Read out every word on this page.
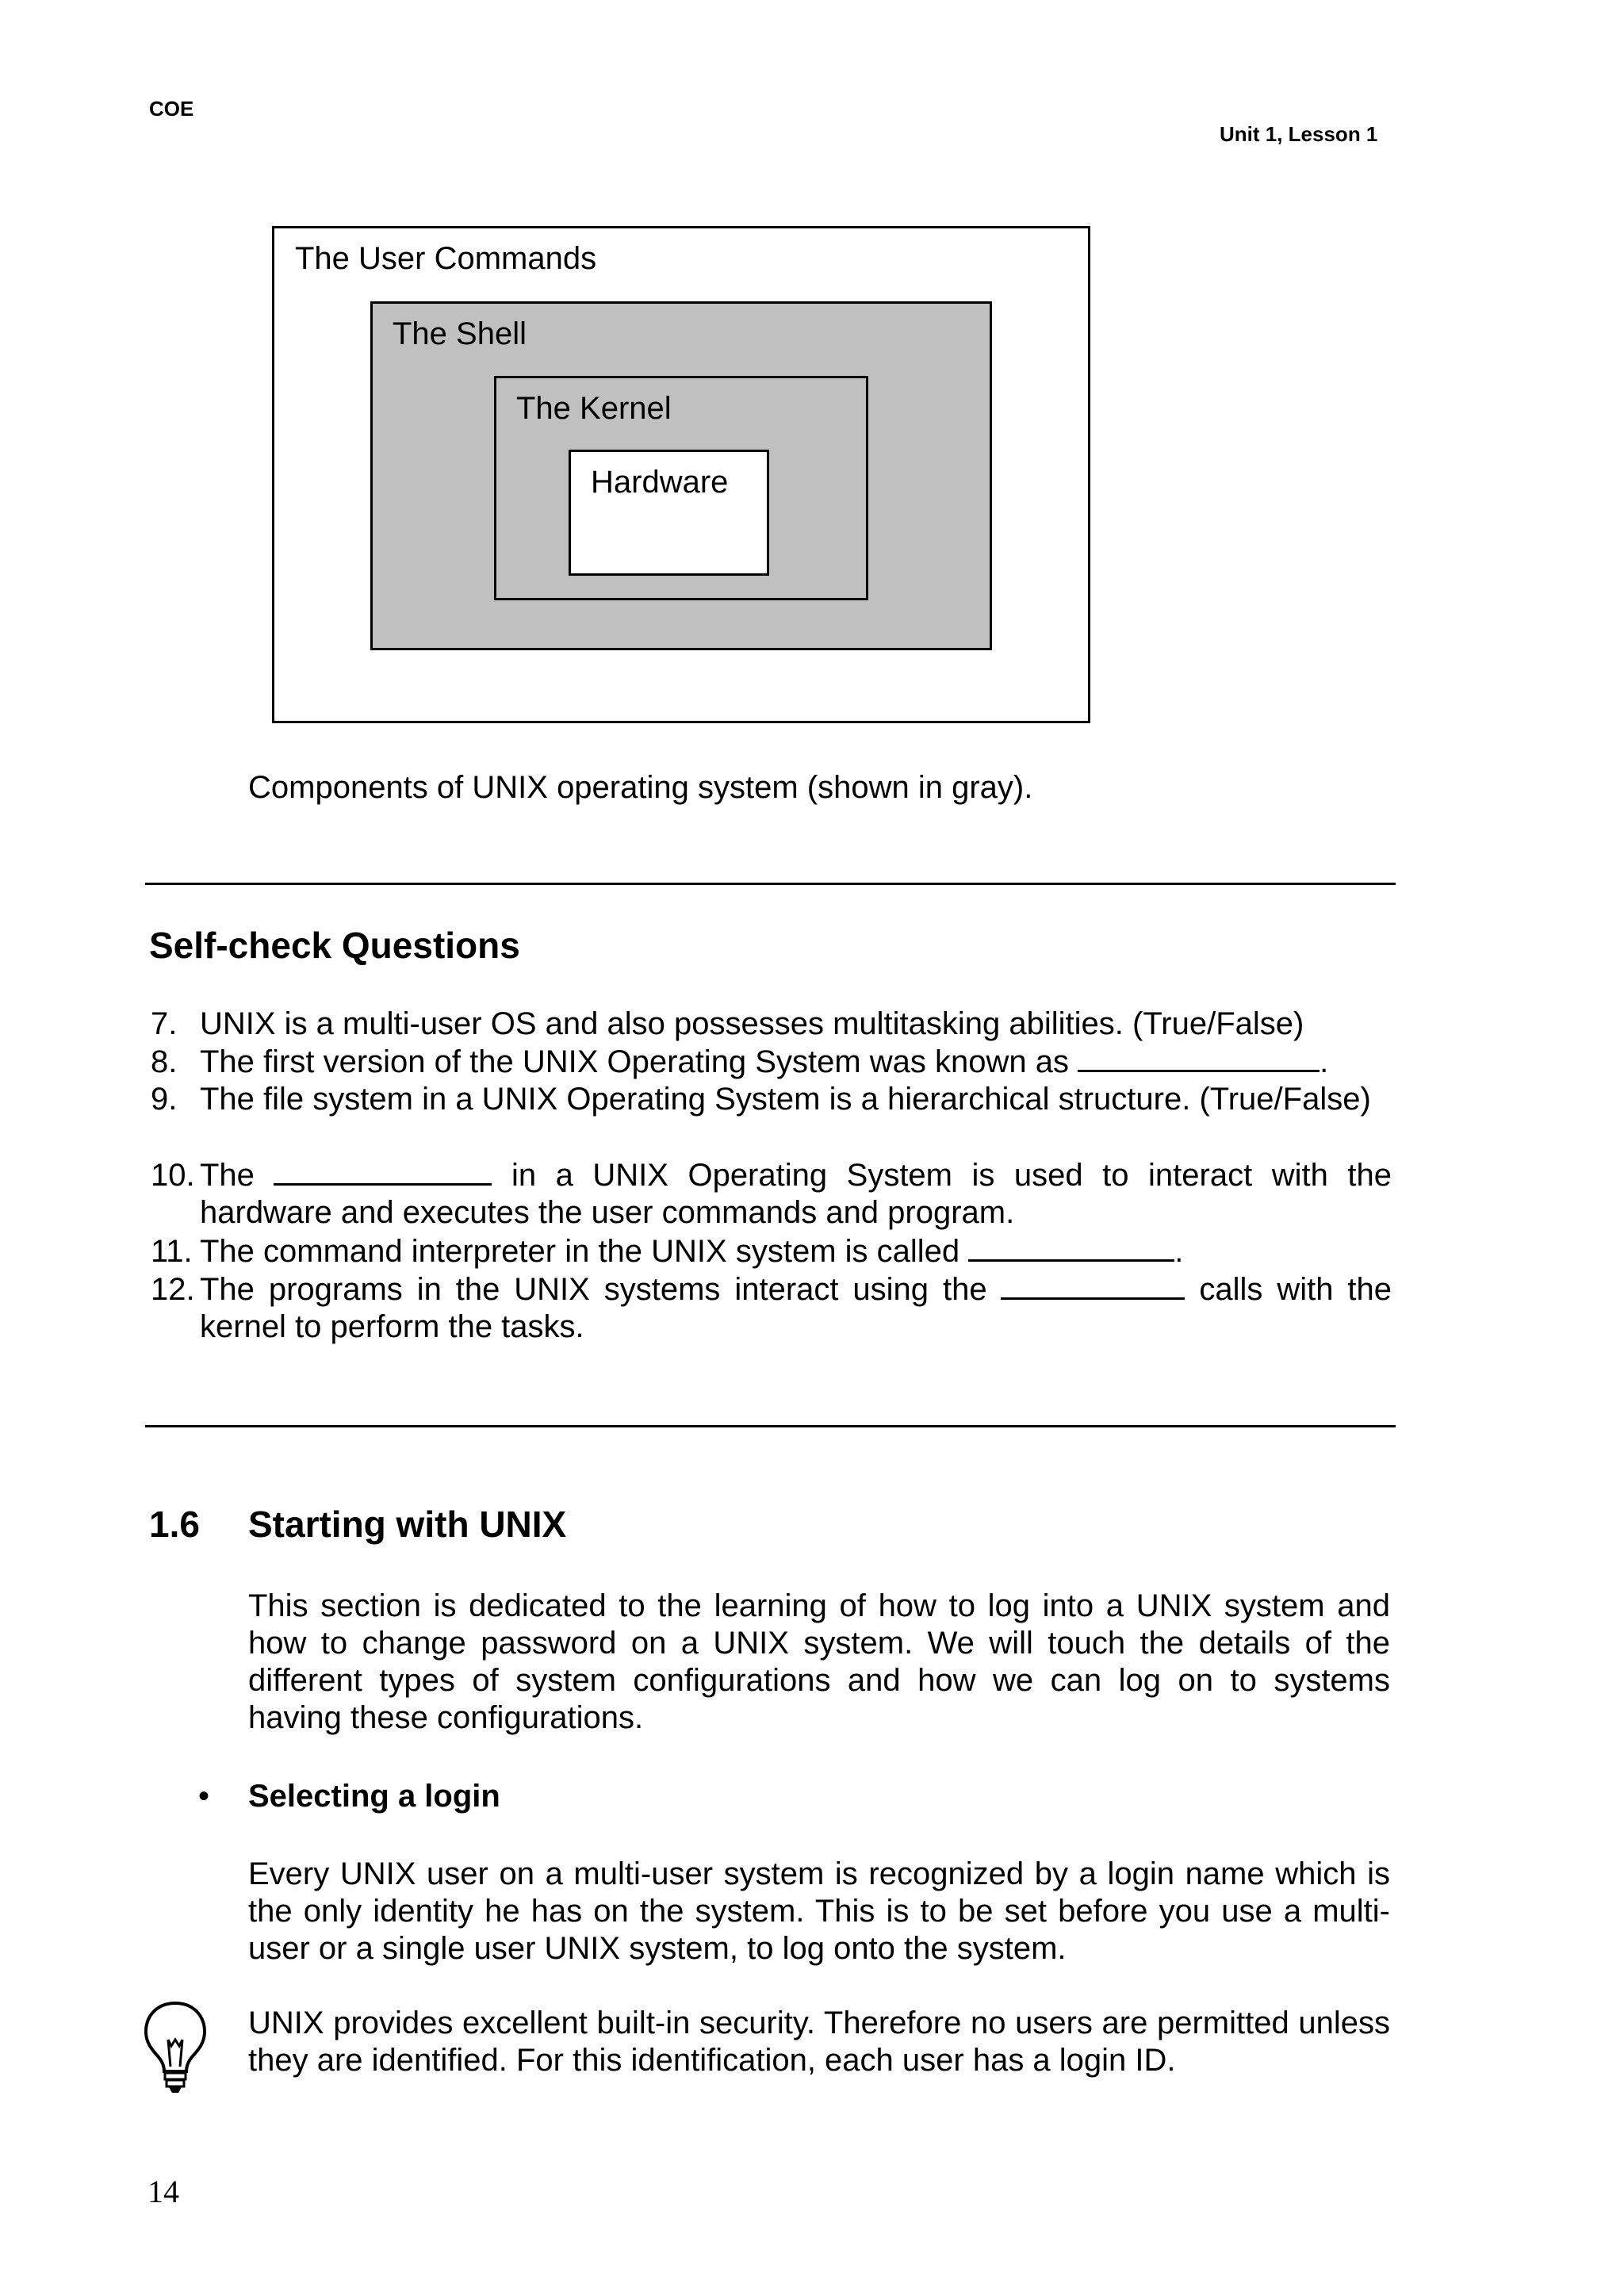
COE
Unit 1, Lesson 1
The User Commands
The Shell
The Kernel
Hardware
Components of UNIX operating system (shown in gray).
Self-check Questions
7. UNIX is a multi-user OS and also possesses multitasking abilities. (True/False)
8. The first version of the UNIX Operating System was known as	.
9. The file system in a UNIX Operating System is a hierarchical structure. (True/False)
10. The	in a UNIX Operating System is used to interact with the hardware and executes the user commands and program.
11. The command interpreter in the UNIX system is called	.
12. The programs in the UNIX systems interact using the	calls with the kernel to perform the tasks.
1.6 Starting with UNIX
This section is dedicated to the learning of how to log into a UNIX system and how to change password on a UNIX system. We will touch the details of the different types of system configurations and how we can log on to systems having these configurations.
• Selecting a login
Every UNIX user on a multi-user system is recognized by a login name which is the only identity he has on the system. This is to be set before you use a multi-user or a single user UNIX system, to log onto the system.
UNIX provides excellent built-in security. Therefore no users are permitted unless they are identified. For this identification, each user has a login ID.
14
